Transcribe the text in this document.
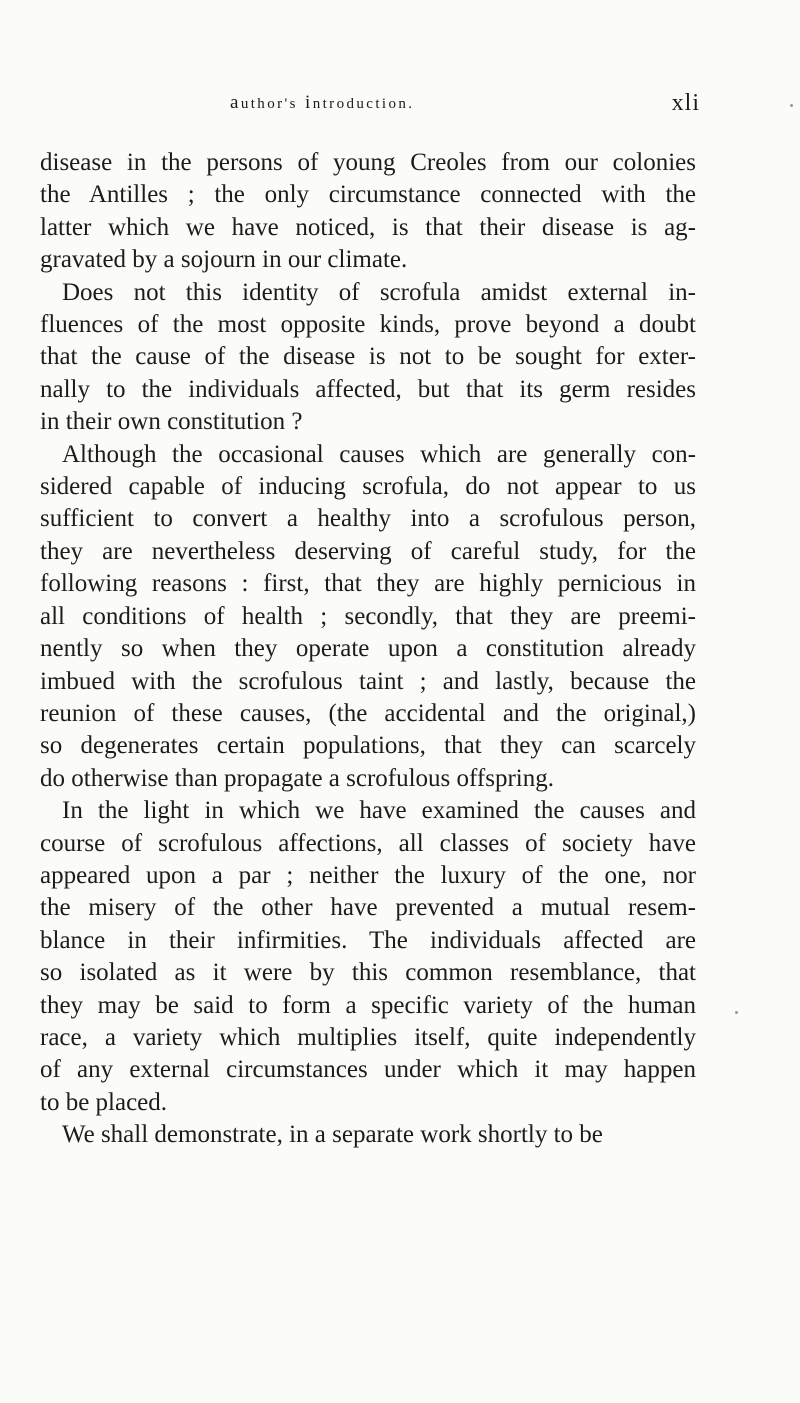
author's introduction.	xli
disease in the persons of young Creoles from our colonies
the Antilles ; the only circumstance connected with the
latter which we have noticed, is that their disease is ag-
gravated by a sojourn in our climate.
Does not this identity of scrofula amidst external in-
fluences of the most opposite kinds, prove beyond a doubt
that the cause of the disease is not to be sought for exter-
nally to the individuals affected, but that its germ resides
in their own constitution ?
Although the occasional causes which are generally con-
sidered capable of inducing scrofula, do not appear to us
sufficient to convert a healthy into a scrofulous person,
they are nevertheless deserving of careful study, for the
following reasons : first, that they are highly pernicious in
all conditions of health ; secondly, that they are preemi-
nently so when they operate upon a constitution already
imbued with the scrofulous taint ; and lastly, because the
reunion of these causes, (the accidental and the original,)
so degenerates certain populations, that they can scarcely
do otherwise than propagate a scrofulous offspring.
In the light in which we have examined the causes and
course of scrofulous affections, all classes of society have
appeared upon a par ; neither the luxury of the one, nor
the misery of the other have prevented a mutual resem-
blance in their infirmities. The individuals affected are
so isolated as it were by this common resemblance, that
they may be said to form a specific variety of the human
race, a variety which multiplies itself, quite independently
of any external circumstances under which it may happen
to be placed.
We shall demonstrate, in a separate work shortly to be
